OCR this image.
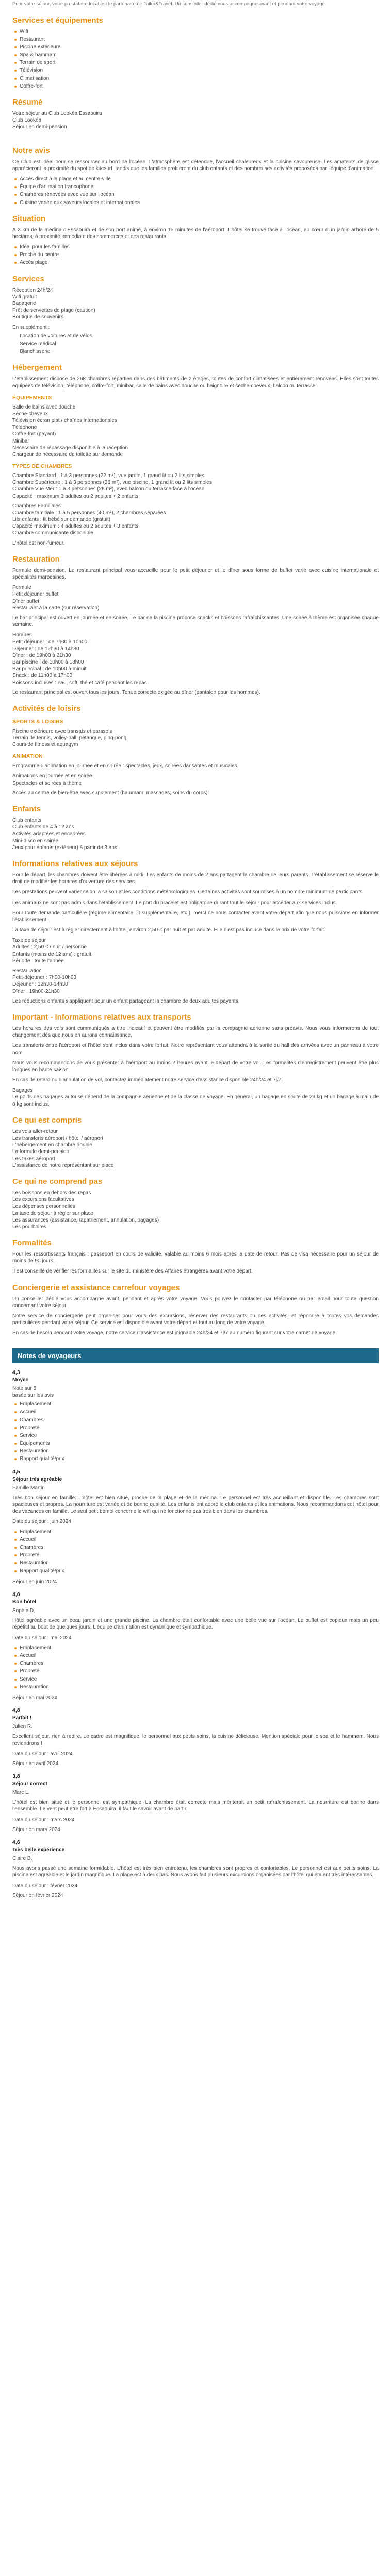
Pour votre séjour, votre prestataire local est le partenaire de Tailor&Travel. Un conseiller dédié vous accompagne avant et pendant votre voyage.

Services et équipements
Wifi
Restaurant
Piscine extérieure
Spa & hammam
Terrain de sport
Télévision
Climatisation
Coffre-fort
Résumé

Votre séjour au Club Lookéa Essaouira

Club Lookéa

Séjour en demi-pension

Notre avis

Ce Club est idéal pour se ressourcer au bord de l'océan. L'atmosphère est détendue, l'accueil chaleureux et la cuisine savoureuse. Les amateurs de glisse apprécieront la proximité du spot de kitesurf, tandis que les familles profiteront du club enfants et des nombreuses activités proposées par l'équipe d'animation.

Accès direct à la plage et au centre-ville
Équipe d'animation francophone
Chambres rénovées avec vue sur l'océan
Cuisine variée aux saveurs locales et internationales
Situation

À 3 km de la médina d'Essaouira et de son port animé, à environ 15 minutes de l'aéroport. L'hôtel se trouve face à l'océan, au cœur d'un jardin arboré de 5 hectares, à proximité immédiate des commerces et des restaurants.

Idéal pour les familles
Proche du centre
Accès plage
Services

Réception 24h/24

Wifi gratuit

Bagagerie

Prêt de serviettes de plage (caution)

Boutique de souvenirs

En supplément :

Location de voitures et de vélos
Service médical
Blanchisserie
Hébergement

L'établissement dispose de 268 chambres réparties dans des bâtiments de 2 étages, toutes de confort climatisées et entièrement rénovées. Elles sont toutes équipées de télévision, téléphone, coffre-fort, minibar, salle de bains avec douche ou baignoire et sèche-cheveux, balcon ou terrasse.

ÉQUIPEMENTS

Salle de bains avec douche

Sèche-cheveux

Télévision écran plat / chaînes internationales

Téléphone

Coffre-fort (payant)

Minibar

Nécessaire de repassage disponible à la réception

Chargeur de nécessaire de toilette sur demande

TYPES DE CHAMBRES

Chambre Standard : 1 à 3 personnes (22 m²), vue jardin, 1 grand lit ou 2 lits simples

Chambre Supérieure : 1 à 3 personnes (26 m²), vue piscine, 1 grand lit ou 2 lits simples

Chambre Vue Mer : 1 à 3 personnes (26 m²), avec balcon ou terrasse face à l'océan

Capacité : maximum 3 adultes ou 2 adultes + 2 enfants

Chambres Familiales

Chambre familiale : 1 à 5 personnes (40 m²), 2 chambres séparées

Lits enfants : lit bébé sur demande (gratuit)

Capacité maximum : 4 adultes ou 2 adultes + 3 enfants

Chambre communicante disponible

L'hôtel est non-fumeur.

Restauration

Formule demi-pension. Le restaurant principal vous accueille pour le petit déjeuner et le dîner sous forme de buffet varié avec cuisine internationale et spécialités marocaines.

Formule

Petit déjeuner buffet

Dîner buffet

Restaurant à la carte (sur réservation)

Le bar principal est ouvert en journée et en soirée. Le bar de la piscine propose snacks et boissons rafraîchissantes. Une soirée à thème est organisée chaque semaine.

Horaires

Petit déjeuner : de 7h00 à 10h00

Déjeuner : de 12h30 à 14h30

Dîner : de 19h00 à 21h30

Bar piscine : de 10h00 à 18h00

Bar principal : de 10h00 à minuit

Snack : de 11h00 à 17h00

Boissons incluses : eau, soft, thé et café pendant les repas

Le restaurant principal est ouvert tous les jours. Tenue correcte exigée au dîner (pantalon pour les hommes).

Activités de loisirs
SPORTS & LOISIRS

Piscine extérieure avec transats et parasols

Terrain de tennis, volley-ball, pétanque, ping-pong

Cours de fitness et aquagym

ANIMATION

Programme d'animation en journée et en soirée : spectacles, jeux, soirées dansantes et musicales.

Animations en journée et en soirée

Spectacles et soirées à thème

Accès au centre de bien-être avec supplément (hammam, massages, soins du corps).

Enfants

Club enfants

Club enfants de 4 à 12 ans

Activités adaptées et encadrées

Mini-disco en soirée

Jeux pour enfants (extérieur) à partir de 3 ans

Informations relatives aux séjours

Pour le départ, les chambres doivent être libérées à midi. Les enfants de moins de 2 ans partagent la chambre de leurs parents. L'établissement se réserve le droit de modifier les horaires d'ouverture des services.

Les prestations peuvent varier selon la saison et les conditions météorologiques. Certaines activités sont soumises à un nombre minimum de participants.

Les animaux ne sont pas admis dans l'établissement. Le port du bracelet est obligatoire durant tout le séjour pour accéder aux services inclus.

Pour toute demande particulière (régime alimentaire, lit supplémentaire, etc.), merci de nous contacter avant votre départ afin que nous puissions en informer l'établissement.

La taxe de séjour est à régler directement à l'hôtel, environ 2,50 € par nuit et par adulte. Elle n'est pas incluse dans le prix de votre forfait.

Taxe de séjour

Adultes : 2,50 € / nuit / personne

Enfants (moins de 12 ans) : gratuit

Période : toute l'année

Restauration

Petit-déjeuner : 7h00-10h00

Déjeuner : 12h30-14h30

Dîner : 19h00-21h30

Les réductions enfants s'appliquent pour un enfant partageant la chambre de deux adultes payants.

Important - Informations relatives aux transports

Les horaires des vols sont communiqués à titre indicatif et peuvent être modifiés par la compagnie aérienne sans préavis. Nous vous informerons de tout changement dès que nous en aurons connaissance.

Les transferts entre l'aéroport et l'hôtel sont inclus dans votre forfait. Notre représentant vous attendra à la sortie du hall des arrivées avec un panneau à votre nom.

Nous vous recommandons de vous présenter à l'aéroport au moins 2 heures avant le départ de votre vol. Les formalités d'enregistrement peuvent être plus longues en haute saison.

En cas de retard ou d'annulation de vol, contactez immédiatement notre service d'assistance disponible 24h/24 et 7j/7.

Bagages

Le poids des bagages autorisé dépend de la compagnie aérienne et de la classe de voyage. En général, un bagage en soute de 23 kg et un bagage à main de 8 kg sont inclus.

Ce qui est compris

Les vols aller-retour

Les transferts aéroport / hôtel / aéroport

L'hébergement en chambre double

La formule demi-pension

Les taxes aéroport

L'assistance de notre représentant sur place

Ce qui ne comprend pas

Les boissons en dehors des repas

Les excursions facultatives

Les dépenses personnelles

La taxe de séjour à régler sur place

Les assurances (assistance, rapatriement, annulation, bagages)

Les pourboires

Formalités

Pour les ressortissants français : passeport en cours de validité, valable au moins 6 mois après la date de retour. Pas de visa nécessaire pour un séjour de moins de 90 jours.

Il est conseillé de vérifier les formalités sur le site du ministère des Affaires étrangères avant votre départ.

Conciergerie et assistance carrefour voyages

Un conseiller dédié vous accompagne avant, pendant et après votre voyage. Vous pouvez le contacter par téléphone ou par email pour toute question concernant votre séjour.

Notre service de conciergerie peut organiser pour vous des excursions, réserver des restaurants ou des activités, et répondre à toutes vos demandes particulières pendant votre séjour. Ce service est disponible avant votre départ et tout au long de votre voyage.

En cas de besoin pendant votre voyage, notre service d'assistance est joignable 24h/24 et 7j/7 au numéro figurant sur votre carnet de voyage.

Notes de voyageurs

4,3

Moyen

Note sur 5

basée sur les avis

Emplacement
Accueil
Chambres
Propreté
Service
Équipements
Restauration
Rapport qualité/prix

4,5

Séjour très agréable

Famille Martin

Très bon séjour en famille. L'hôtel est bien situé, proche de la plage et de la médina. Le personnel est très accueillant et disponible. Les chambres sont spacieuses et propres. La nourriture est variée et de bonne qualité. Les enfants ont adoré le club enfants et les animations. Nous recommandons cet hôtel pour des vacances en famille. Le seul petit bémol concerne le wifi qui ne fonctionne pas très bien dans les chambres.

Date du séjour : juin 2024

Emplacement
Accueil
Chambres
Propreté
Restauration
Rapport qualité/prix

Séjour en juin 2024

4,0

Bon hôtel

Sophie D.

Hôtel agréable avec un beau jardin et une grande piscine. La chambre était confortable avec une belle vue sur l'océan. Le buffet est copieux mais un peu répétitif au bout de quelques jours. L'équipe d'animation est dynamique et sympathique.

Date du séjour : mai 2024

Emplacement
Accueil
Chambres
Propreté
Service
Restauration

Séjour en mai 2024

4,8

Parfait !

Julien R.

Excellent séjour, rien à redire. Le cadre est magnifique, le personnel aux petits soins, la cuisine délicieuse. Mention spéciale pour le spa et le hammam. Nous reviendrons !

Date du séjour : avril 2024

Séjour en avril 2024

3,8

Séjour correct

Marc L.

L'hôtel est bien situé et le personnel est sympathique. La chambre était correcte mais mériterait un petit rafraîchissement. La nourriture est bonne dans l'ensemble. Le vent peut être fort à Essaouira, il faut le savoir avant de partir.

Date du séjour : mars 2024

Séjour en mars 2024

4,6

Très belle expérience

Claire B.

Nous avons passé une semaine formidable. L'hôtel est très bien entretenu, les chambres sont propres et confortables. Le personnel est aux petits soins. La piscine est agréable et le jardin magnifique. La plage est à deux pas. Nous avons fait plusieurs excursions organisées par l'hôtel qui étaient très intéressantes.

Date du séjour : février 2024

Séjour en février 2024
